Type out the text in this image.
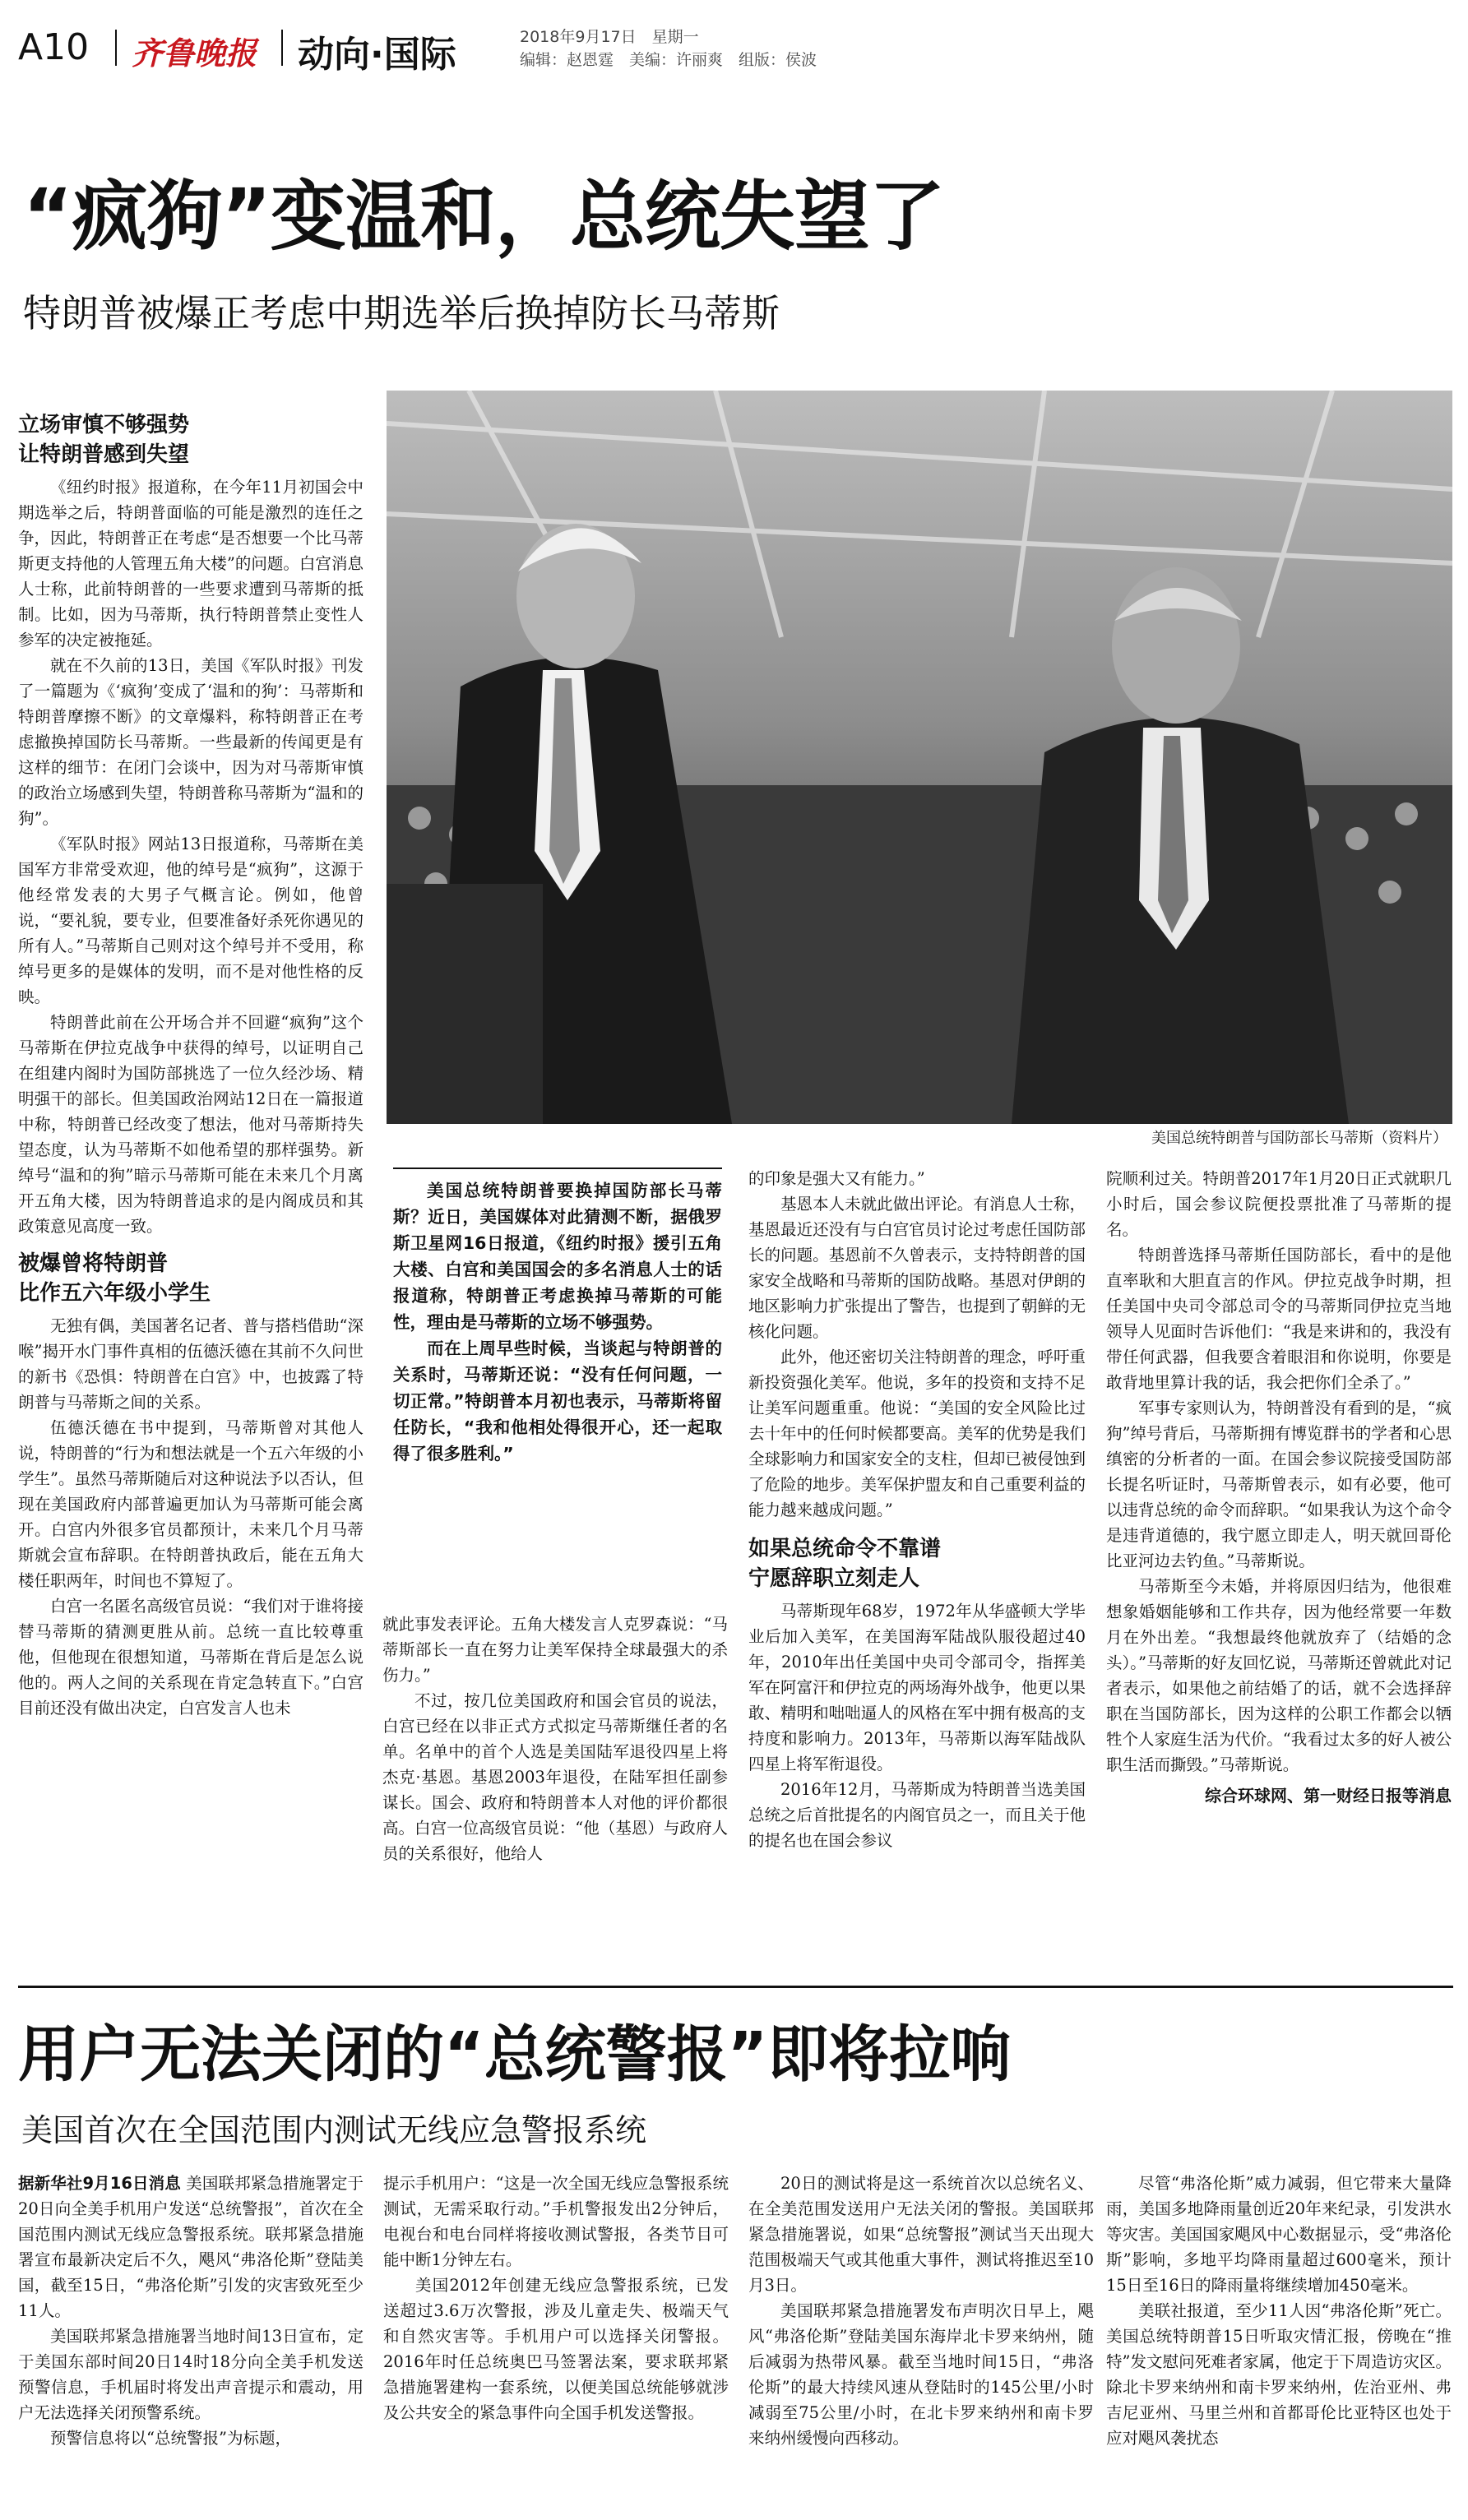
A10 齐鲁晚报 动向·国际	2018年9月17日　星期一
编辑：赵恩霆　美编：许丽爽　组版：侯波
“疯狗”变温和，总统失望了
特朗普被爆正考虑中期选举后换掉防长马蒂斯
美国总统特朗普与国防部长马蒂斯（资料片）
立场审慎不够强势
让特朗普感到失望

《纽约时报》报道称，在今年11月初国会中期选举之后，特朗普面临的可能是激烈的连任之争，因此，特朗普正在考虑“是否想要一个比马蒂斯更支持他的人管理五角大楼”的问题。白宫消息人士称，此前特朗普的一些要求遭到马蒂斯的抵制。比如，因为马蒂斯，执行特朗普禁止变性人参军的决定被拖延。

就在不久前的13日，美国《军队时报》刊发了一篇题为《‘疯狗’变成了‘温和的狗’：马蒂斯和特朗普摩擦不断》的文章爆料，称特朗普正在考虑撤换掉国防长马蒂斯。一些最新的传闻更是有这样的细节：在闭门会谈中，因为对马蒂斯审慎的政治立场感到失望，特朗普称马蒂斯为“温和的狗”。

《军队时报》网站13日报道称，马蒂斯在美国军方非常受欢迎，他的绰号是“疯狗”，这源于他经常发表的大男子气概言论。例如，他曾说，“要礼貌，要专业，但要准备好杀死你遇见的所有人。”马蒂斯自己则对这个绰号并不受用，称绰号更多的是媒体的发明，而不是对他性格的反映。

特朗普此前在公开场合并不回避“疯狗”这个马蒂斯在伊拉克战争中获得的绰号，以证明自己在组建内阁时为国防部挑选了一位久经沙场、精明强干的部长。但美国政治网站12日在一篇报道中称，特朗普已经改变了想法，他对马蒂斯持失望态度，认为马蒂斯不如他希望的那样强势。新绰号“温和的狗”暗示马蒂斯可能在未来几个月离开五角大楼，因为特朗普追求的是内阁成员和其政策意见高度一致。

被爆曾将特朗普
比作五六年级小学生

无独有偶，美国著名记者、普与搭档借助“深喉”揭开水门事件真相的伍德沃德在其前不久问世的新书《恐惧：特朗普在白宫》中，也披露了特朗普与马蒂斯之间的关系。

伍德沃德在书中提到，马蒂斯曾对其他人说，特朗普的“行为和想法就是一个五六年级的小学生”。虽然马蒂斯随后对这种说法予以否认，但现在美国政府内部普遍更加认为马蒂斯可能会离开。白宫内外很多官员都预计，未来几个月马蒂斯就会宣布辞职。在特朗普执政后，能在五角大楼任职两年，时间也不算短了。

白宫一名匿名高级官员说：“我们对于谁将接替马蒂斯的猜测更胜从前。总统一直比较尊重他，但他现在很想知道，马蒂斯在背后是怎么说他的。两人之间的关系现在肯定急转直下。”白宫目前还没有做出决定，白宫发言人也未

美国总统特朗普要换掉国防部长马蒂斯？近日，美国媒体对此猜测不断，据俄罗斯卫星网16日报道，《纽约时报》援引五角大楼、白宫和美国国会的多名消息人士的话报道称，特朗普正考虑换掉马蒂斯的可能性，理由是马蒂斯的立场不够强势。

而在上周早些时候，当谈起与特朗普的关系时，马蒂斯还说：“没有任何问题，一切正常。”特朗普本月初也表示，马蒂斯将留任防长，“我和他相处得很开心，还一起取得了很多胜利。”

就此事发表评论。五角大楼发言人克罗森说：“马蒂斯部长一直在努力让美军保持全球最强大的杀伤力。”

不过，按几位美国政府和国会官员的说法，白宫已经在以非正式方式拟定马蒂斯继任者的名单。名单中的首个人选是美国陆军退役四星上将杰克·基恩。基恩2003年退役，在陆军担任副参谋长。国会、政府和特朗普本人对他的评价都很高。白宫一位高级官员说：“他（基恩）与政府人员的关系很好，他给人

的印象是强大又有能力。”

基恩本人未就此做出评论。有消息人士称，基恩最近还没有与白宫官员讨论过考虑任国防部长的问题。基恩前不久曾表示，支持特朗普的国家安全战略和马蒂斯的国防战略。基恩对伊朗的地区影响力扩张提出了警告，也提到了朝鲜的无核化问题。

此外，他还密切关注特朗普的理念，呼吁重新投资强化美军。他说，多年的投资和支持不足让美军问题重重。他说：“美国的安全风险比过去十年中的任何时候都要高。美军的优势是我们全球影响力和国家安全的支柱，但却已被侵蚀到了危险的地步。美军保护盟友和自己重要利益的能力越来越成问题。”

如果总统命令不靠谱
宁愿辞职立刻走人

马蒂斯现年68岁，1972年从华盛顿大学毕业后加入美军，在美国海军陆战队服役超过40年，2010年出任美国中央司令部司令，指挥美军在阿富汗和伊拉克的两场海外战争，他更以果敢、精明和咄咄逼人的风格在军中拥有极高的支持度和影响力。2013年，马蒂斯以海军陆战队四星上将军衔退役。

2016年12月，马蒂斯成为特朗普当选美国总统之后首批提名的内阁官员之一，而且关于他的提名也在国会参议

院顺利过关。特朗普2017年1月20日正式就职几小时后，国会参议院便投票批准了马蒂斯的提名。

特朗普选择马蒂斯任国防部长，看中的是他直率耿和大胆直言的作风。伊拉克战争时期，担任美国中央司令部总司令的马蒂斯同伊拉克当地领导人见面时告诉他们：“我是来讲和的，我没有带任何武器，但我要含着眼泪和你说明，你要是敢背地里算计我的话，我会把你们全杀了。”

军事专家则认为，特朗普没有看到的是，“疯狗”绰号背后，马蒂斯拥有博览群书的学者和心思缜密的分析者的一面。在国会参议院接受国防部长提名听证时，马蒂斯曾表示，如有必要，他可以违背总统的命令而辞职。“如果我认为这个命令是违背道德的，我宁愿立即走人，明天就回哥伦比亚河边去钓鱼。”马蒂斯说。

马蒂斯至今未婚，并将原因归结为，他很难想象婚姻能够和工作共存，因为他经常要一年数月在外出差。“我想最终他就放弃了（结婚的念头）。”马蒂斯的好友回忆说，马蒂斯还曾就此对记者表示，如果他之前结婚了的话，就不会选择辞职在当国防部长，因为这样的公职工作都会以牺牲个人家庭生活为代价。“我看过太多的好人被公职生活而撕毁。”马蒂斯说。

综合环球网、第一财经日报等消息
用户无法关闭的“总统警报”即将拉响
美国首次在全国范围内测试无线应急警报系统

据新华社9月16日消息 美国联邦紧急措施署定于20日向全美手机用户发送“总统警报”，首次在全国范围内测试无线应急警报系统。联邦紧急措施署宣布最新决定后不久，飓风“弗洛伦斯”登陆美国，截至15日，“弗洛伦斯”引发的灾害致死至少11人。

美国联邦紧急措施署当地时间13日宣布，定于美国东部时间20日14时18分向全美手机发送预警信息，手机届时将发出声音提示和震动，用户无法选择关闭预警系统。

预警信息将以“总统警报”为标题，

提示手机用户：“这是一次全国无线应急警报系统测试，无需采取行动。”手机警报发出2分钟后，电视台和电台同样将接收测试警报，各类节目可能中断1分钟左右。

美国2012年创建无线应急警报系统，已发送超过3.6万次警报，涉及儿童走失、极端天气和自然灾害等。手机用户可以选择关闭警报。2016年时任总统奥巴马签署法案，要求联邦紧急措施署建构一套系统，以便美国总统能够就涉及公共安全的紧急事件向全国手机发送警报。

20日的测试将是这一系统首次以总统名义、在全美范围发送用户无法关闭的警报。美国联邦紧急措施署说，如果“总统警报”测试当天出现大范围极端天气或其他重大事件，测试将推迟至10月3日。

美国联邦紧急措施署发布声明次日早上，飓风“弗洛伦斯”登陆美国东海岸北卡罗来纳州，随后减弱为热带风暴。截至当地时间15日，“弗洛伦斯”的最大持续风速从登陆时的145公里/小时减弱至75公里/小时，在北卡罗来纳州和南卡罗来纳州缓慢向西移动。

尽管“弗洛伦斯”威力减弱，但它带来大量降雨，美国多地降雨量创近20年来纪录，引发洪水等灾害。美国国家飓风中心数据显示，受“弗洛伦斯”影响，多地平均降雨量超过600毫米，预计15日至16日的降雨量将继续增加450毫米。

美联社报道，至少11人因“弗洛伦斯”死亡。美国总统特朗普15日听取灾情汇报，傍晚在“推特”发文慰问死难者家属，他定于下周造访灾区。除北卡罗来纳州和南卡罗来纳州，佐治亚州、弗吉尼亚州、马里兰州和首都哥伦比亚特区也处于应对飓风袭扰态
